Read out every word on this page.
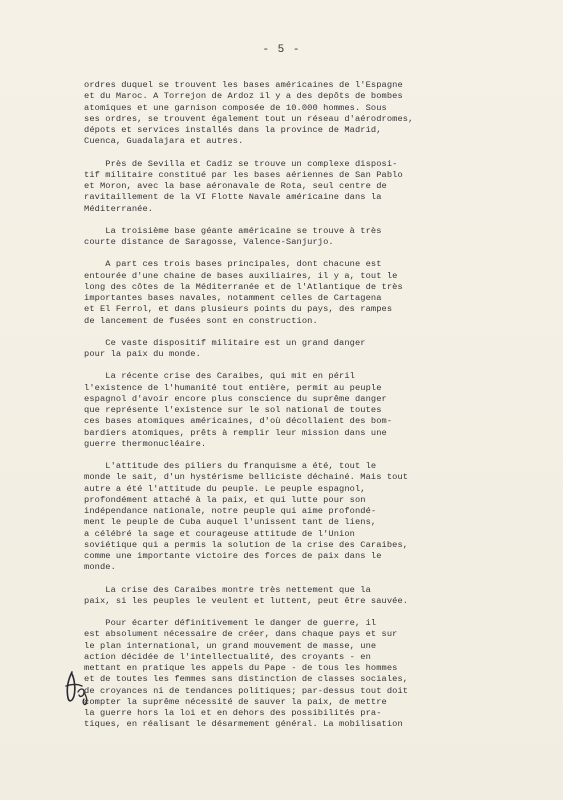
- 5 -
ordres duquel se trouvent les bases américaines de l'Espagne
et du Maroc. A Torrejon de Ardoz il y a des depôts de bombes
atomiques et une garnison composée de 10.000 hommes. Sous
ses ordres, se trouvent également tout un réseau d'aérodromes,
dépots et services installés dans la province de Madrid,
Cuenca, Guadalajara et autres.
Près de Sevilla et Cadiz se trouve un complexe disposi-
tif militaire constitué par les bases aériennes de San Pablo
et Moron, avec la base aéronavale de Rota, seul centre de
ravitaillement de la VI Flotte Navale américaine dans la
Méditerranée.
La troisième base géante américaine se trouve à très
courte distance de Saragosse, Valence-Sanjurjo.
A part ces trois bases principales, dont chacune est
entourée d'une chaine de bases auxiliaires, il y a, tout le
long des côtes de la Méditerranée et de l'Atlantique de très
importantes bases navales, notamment celles de Cartagena
et El Ferrol, et dans plusieurs points du pays, des rampes
de lancement de fusées sont en construction.
Ce vaste dispositif militaire est un grand danger
pour la paix du monde.
La récente crise des Caraibes, qui mit en péril
l'existence de l'humanité tout entière, permit au peuple
espagnol d'avoir encore plus conscience du suprême danger
que représente l'existence sur le sol national de toutes
ces bases atomiques américaines, d'où décollaient des bom-
bardiers atomiques, prêts à remplir leur mission dans une
guerre thermonucléaire.
L'attitude des piliers du franquisme a été, tout le
monde le sait, d'un hystérisme belliciste déchainé. Mais tout
autre a été l'attitude du peuple. Le peuple espagnol,
profondément attaché à la paix, et qui lutte pour son
indépendance nationale, notre peuple qui aime profondé-
ment le peuple de Cuba auquel l'unissent tant de liens,
a célébré la sage et courageuse attitude de l'Union
soviétique qui a permis la solution de la crise des Caraibes,
comme une importante victoire des forces de paix dans le
monde.
La crise des Caraibes montre très nettement que la
paix, si les peuples le veulent et luttent, peut être sauvée.
Pour écarter définitivement le danger de guerre, il
est absolument nécessaire de créer, dans chaque pays et sur
le plan international, un grand mouvement de masse, une
action décidée de l'intellectualité, des croyants - en
mettant en pratique les appels du Pape - de tous les hommes
et de toutes les femmes sans distinction de classes sociales,
de croyances ni de tendances politiques; par-dessus tout doit
compter la suprême nécessité de sauver la paix, de mettre
la guerre hors la loi et en dehors des possibilités pra-
tiques, en réalisant le désarmement général. La mobilisation
